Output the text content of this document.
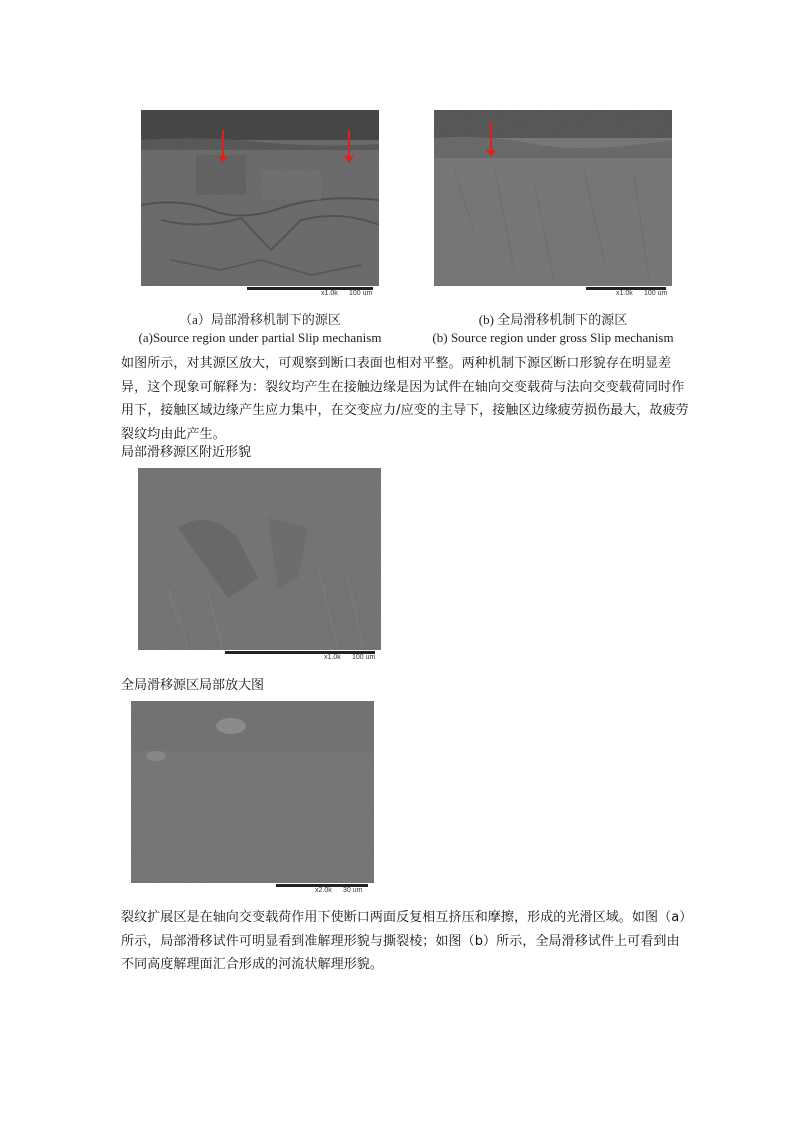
x1.0k 100 um	x1.0k 100 um
（a）局部滑移机制下的源区
(a)Source region under partial Slip mechanism
(b) 全局滑移机制下的源区
(b) Source region under gross Slip mechanism
如图所示，对其源区放大，可观察到断口表面也相对平整。两种机制下源区断口形貌存在明显差异，这个现象可解释为：裂纹均产生在接触边缘是因为试件在轴向交变载荷与法向交变载荷同时作用下，接触区域边缘产生应力集中，在交变应力/应变的主导下，接触区边缘疲劳损伤最大，故疲劳裂纹均由此产生。
局部滑移源区附近形貌
x1.0k 100 um
全局滑移源区局部放大图
x2.0k 30 um
裂纹扩展区是在轴向交变载荷作用下使断口两面反复相互挤压和摩擦，形成的光滑区域。如图（a）所示，局部滑移试件可明显看到准解理形貌与撕裂棱；如图（b）所示，全局滑移试件上可看到由不同高度解理面汇合形成的河流状解理形貌。
